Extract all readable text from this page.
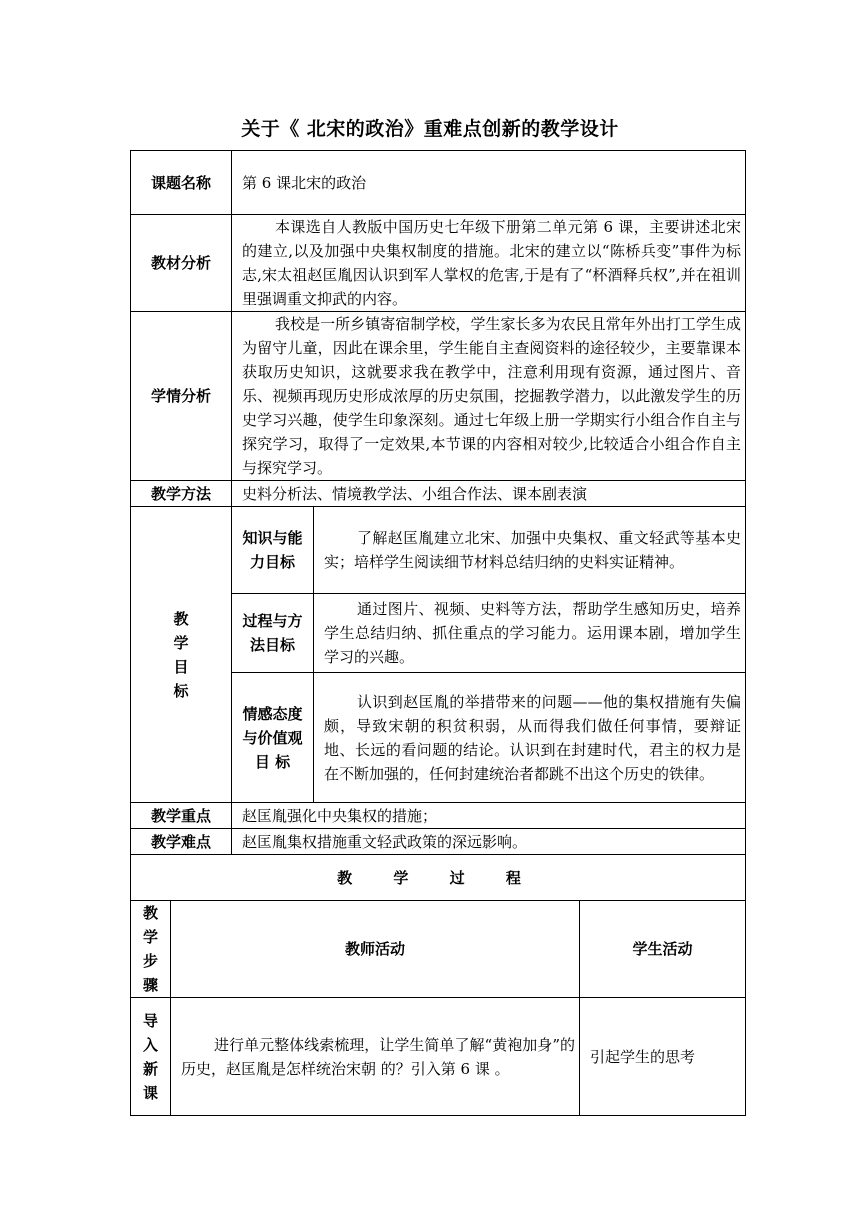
关于《 北宋的政治》重难点创新的教学设计
课题名称		第 6 课北宋的政治		
教材分析		本课选自人教版中国历史七年级下册第二单元第 6 课，主要讲述北宋的建立,以及加强中央集权制度的措施。北宋的建立以“陈桥兵变”事件为标志,宋太祖赵匡胤因认识到军人掌权的危害,于是有了“杯酒释兵权”,并在祖训里强调重文抑武的内容。		
学情分析		我校是一所乡镇寄宿制学校，学生家长多为农民且常年外出打工学生成为留守儿童，因此在课余里，学生能自主查阅资料的途径较少，主要靠课本获取历史知识，这就要求我在教学中，注意利用现有资源，通过图片、音乐、视频再现历史形成浓厚的历史氛围，挖掘教学潜力，以此激发学生的历史学习兴趣，使学生印象深刻。通过七年级上册一学期实行小组合作自主与探究学习，取得了一定效果,本节课的内容相对较少,比较适合小组合作自主与探究学习。		
教学方法		史料分析法、情境教学法、小组合作法、课本剧表演		

教
学
目
标		知识与能力目标	了解赵匡胤建立北宋、加强中央集权、重文轻武等基本史实；培样学生阅读细节材料总结归纳的史料实证精神。	
		过程与方法目标	通过图片、视频、史料等方法，帮助学生感知历史，培养学生总结归纳、抓住重点的学习能力。运用课本剧，增加学生学习的兴趣。	
		情感态度与价值观目 标	认识到赵匡胤的举措带来的问题——他的集权措施有失偏颇，导致宋朝的积贫积弱，从而得我们做任何事情，要辩证地、长远的看问题的结论。认识到在封建时代，君主的权力是在不断加强的，任何封建统治者都跳不出这个历史的铁律。	
教学重点		赵匡胤强化中央集权的措施；		
教学难点		赵匡胤集权措施重文轻武政策的深远影响。		
教 学 过 程				

教
学
步
骤	教师活动			学生活动

导
入
新
课	进行单元整体线索梳理，让学生简单了解“黄袍加身”的历史，赵匡胤是怎样统治宋朝 的？引入第 6 课 。			引起学生的思考
